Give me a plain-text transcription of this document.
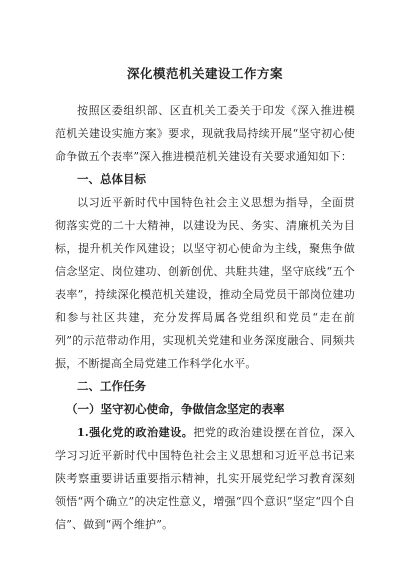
深化模范机关建设工作方案

按照区委组织部、区直机关工委关于印发《深入推进模范机关建设实施方案》要求，现就我局持续开展“坚守初心使命争做五个表率”深入推进模范机关建设有关要求通知如下：

一、总体目标

以习近平新时代中国特色社会主义思想为指导，全面贯彻落实党的二十大精神，以建设为民、务实、清廉机关为目标，提升机关作风建设；以坚守初心使命为主线，聚焦争做信念坚定、岗位建功、创新创优、共駐共建，坚守底线“五个表率”，持续深化模范机关建设，推动全局党员干部岗位建功和参与社区共建，充分发挥局属各党组织和党员“走在前列”的示范带动作用，实现机关党建和业务深度融合、同频共振，不断提高全局党建工作科学化水平。

二、工作任务

（一）坚守初心使命，争做信念坚定的表率

1.强化党的政治建设。把党的政治建设摆在首位，深入学习习近平新时代中国特色社会主义思想和习近平总书记来陕考察重要讲话重要指示精神，扎实开展党纪学习教育深刻领悟“两个确立”的决定性意义，增强“四个意识”坚定“四个自信”、做到“两个维护”。
